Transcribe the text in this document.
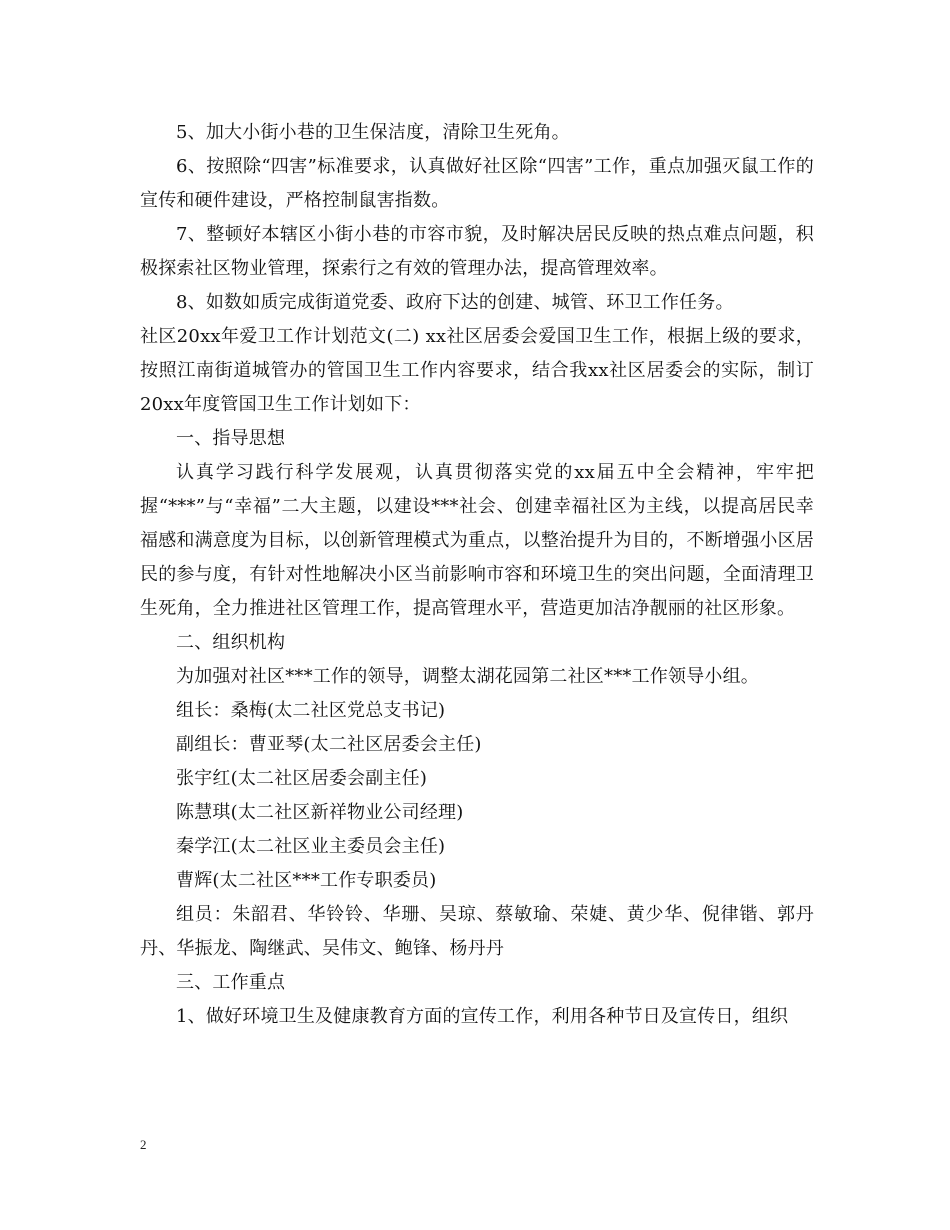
5、加大小街小巷的卫生保洁度，清除卫生死角。

6、按照除“四害”标准要求，认真做好社区除“四害”工作，重点加强灭鼠工作的宣传和硬件建设，严格控制鼠害指数。

7、整顿好本辖区小街小巷的市容市貌，及时解决居民反映的热点难点问题，积极探索社区物业管理，探索行之有效的管理办法，提高管理效率。

8、如数如质完成街道党委、政府下达的创建、城管、环卫工作任务。

社区20xx年爱卫工作计划范文(二) xx社区居委会爱国卫生工作，根据上级的要求，按照江南街道城管办的管国卫生工作内容要求，结合我xx社区居委会的实际，制订20xx年度管国卫生工作计划如下：

一、指导思想

认真学习践行科学发展观，认真贯彻落实党的xx届五中全会精神，牢牢把握“***”与“幸福”二大主题，以建设***社会、创建幸福社区为主线，以提高居民幸福感和满意度为目标，以创新管理模式为重点，以整治提升为目的，不断增强小区居民的参与度，有针对性地解决小区当前影响市容和环境卫生的突出问题，全面清理卫生死角，全力推进社区管理工作，提高管理水平，营造更加洁净靓丽的社区形象。

二、组织机构

为加强对社区***工作的领导，调整太湖花园第二社区***工作领导小组。

组长：桑梅(太二社区党总支书记)

副组长：曹亚琴(太二社区居委会主任)

张宇红(太二社区居委会副主任)

陈慧琪(太二社区新祥物业公司经理)

秦学江(太二社区业主委员会主任)

曹辉(太二社区***工作专职委员)

组员：朱韶君、华铃铃、华珊、吴琼、蔡敏瑜、荣婕、黄少华、倪律锴、郭丹丹、华振龙、陶继武、吴伟文、鲍锋、杨丹丹

三、工作重点

1、做好环境卫生及健康教育方面的宣传工作，利用各种节日及宣传日，组织

2
